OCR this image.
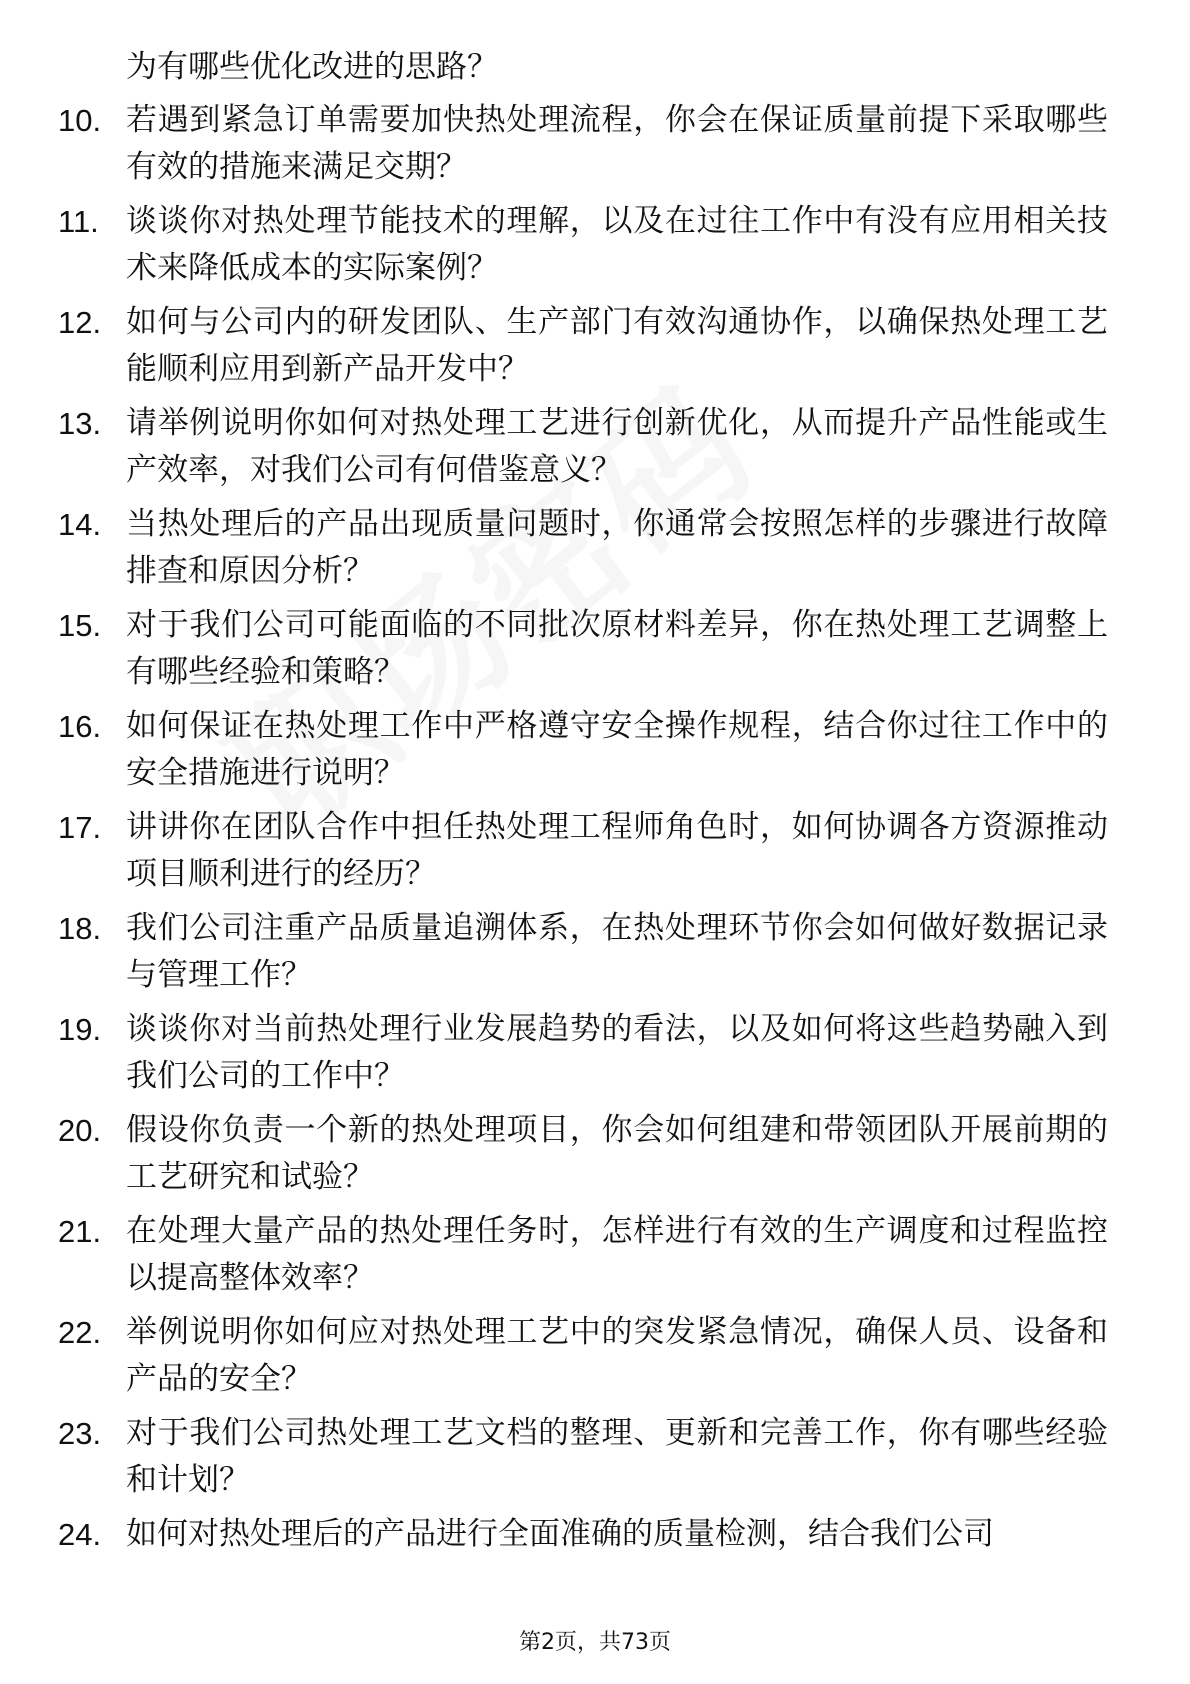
为有哪些优化改进的思路？
10. 若遇到紧急订单需要加快热处理流程，你会在保证质量前提下采取哪些有效的措施来满足交期？
11. 谈谈你对热处理节能技术的理解，以及在过往工作中有没有应用相关技术来降低成本的实际案例？
12. 如何与公司内的研发团队、生产部门有效沟通协作，以确保热处理工艺能顺利应用到新产品开发中？
13. 请举例说明你如何对热处理工艺进行创新优化，从而提升产品性能或生产效率，对我们公司有何借鉴意义？
14. 当热处理后的产品出现质量问题时，你通常会按照怎样的步骤进行故障排查和原因分析？
15. 对于我们公司可能面临的不同批次原材料差异，你在热处理工艺调整上有哪些经验和策略？
16. 如何保证在热处理工作中严格遵守安全操作规程，结合你过往工作中的安全措施进行说明？
17. 讲讲你在团队合作中担任热处理工程师角色时，如何协调各方资源推动项目顺利进行的经历？
18. 我们公司注重产品质量追溯体系，在热处理环节你会如何做好数据记录与管理工作？
19. 谈谈你对当前热处理行业发展趋势的看法，以及如何将这些趋势融入到我们公司的工作中？
20. 假设你负责一个新的热处理项目，你会如何组建和带领团队开展前期的工艺研究和试验？
21. 在处理大量产品的热处理任务时，怎样进行有效的生产调度和过程监控以提高整体效率？
22. 举例说明你如何应对热处理工艺中的突发紧急情况，确保人员、设备和产品的安全？
23. 对于我们公司热处理工艺文档的整理、更新和完善工作，你有哪些经验和计划？
24. 如何对热处理后的产品进行全面准确的质量检测，结合我们公司
第2页，共73页
